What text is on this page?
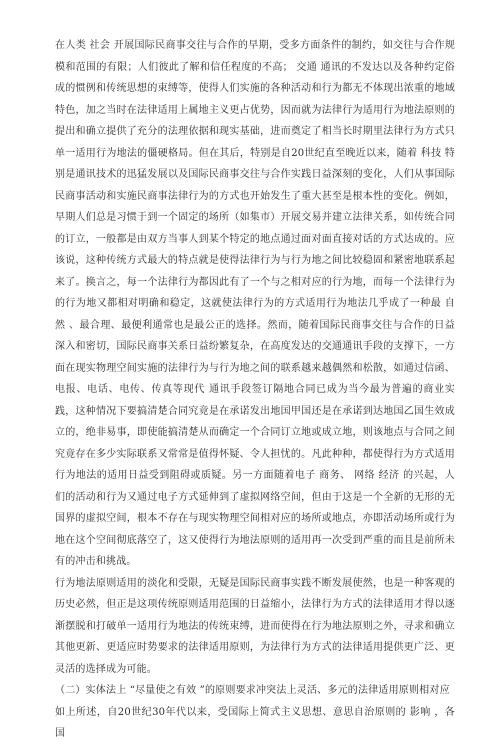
在人类 社会 开展国际民商事交往与合作的早期，受多方面条件的制约，如交往与合作规模和范围的有限；人们彼此了解和信任程度的不高； 交通 通讯的不发达以及各种约定俗成的惯例和传统思想的束缚等，使得人们实施的各种活动和行为都无不体现出浓重的地域特色，加之当时在法律适用上属地主义更占优势，因而就为法律行为适用行为地法原则的提出和确立提供了充分的法理依据和现实基础，进而奠定了相当长时期里法律行为方式只单一适用行为地法的僵硬格局。但在其后，特别是自20世纪直至晚近以来，随着 科技 特别是通讯技术的迅猛发展以及国际民商事交往与合作实践日益深刻的变化，人们从事国际民商事活动和实施民商事法律行为的方式也开始发生了重大甚至是根本性的变化。例如，早期人们总是习惯于到一个固定的场所（如集市）开展交易并建立法律关系，如传统合同的订立，一般都是由双方当事人到某个特定的地点通过面对面直接对话的方式达成的。应该说，这种传统方式最大的特点就是使得法律行为与行为地之间比较稳固和紧密地联系起来了。换言之，每一个法律行为都因此有了一个与之相对应的行为地，而每一个法律行为的行为地又都相对明确和稳定，这就使法律行为的方式适用行为地法几乎成了一种最 自然 、最合理、最便利通常也是最公正的选择。然而，随着国际民商事交往与合作的日益深入和密切，国际民商事关系日益纷繁复杂，在高度发达的交通通讯手段的支撑下，一方面在现实物理空间实施的法律行为与行为地之间的联系越来越偶然和松散，如通过信函、电报、电话、电传、传真等现代 通讯手段签订隔地合同已成为当今最为普遍的商业实践，这种情况下要搞清楚合同究竟是在承诺发出地国甲国还是在承诺到达地国乙国生效成立的，绝非易事，即使能搞清楚从而确定一个合同订立地或成立地，则该地点与合同之间究竟存在多少实际联系又常常是值得怀疑、令人担忧的。凡此种种，都使得行为方式适用行为地法的适用日益受到阻碍或质疑。另一方面随着电子 商务、 网络 经济 的兴起，人们的活动和行为又通过电子方式延伸到了虚拟网络空间，但由于这是一个全新的无形的无国界的虚拟空间，根本不存在与现实物理空间相对应的场所或地点，亦即活动场所或行为地在这个空间彻底落空了，这又使得行为地法原则的适用再一次受到严重的而且是前所未有的冲击和挑战。

行为地法原则适用的淡化和受限，无疑是国际民商事实践不断发展使然，也是一种客观的历史必然，但正是这项传统原则适用范围的日益缩小，法律行为方式的法律适用才得以逐渐摆脱和打破单一适用行为地法的传统束缚，进而使得在行为地法原则之外，寻求和确立其他更新、更适应时势要求的法律适用原则，为法律行为方式的法律适用提供更广泛、更灵活的选择成为可能。

（二）实体法上 “尽量使之有效 ”的原则要求冲突法上灵活、多元的法律适用原则相对应

如上所述，自20世纪30年代以来，受国际上简式主义思想、意思自治原则的 影响 ，各国
